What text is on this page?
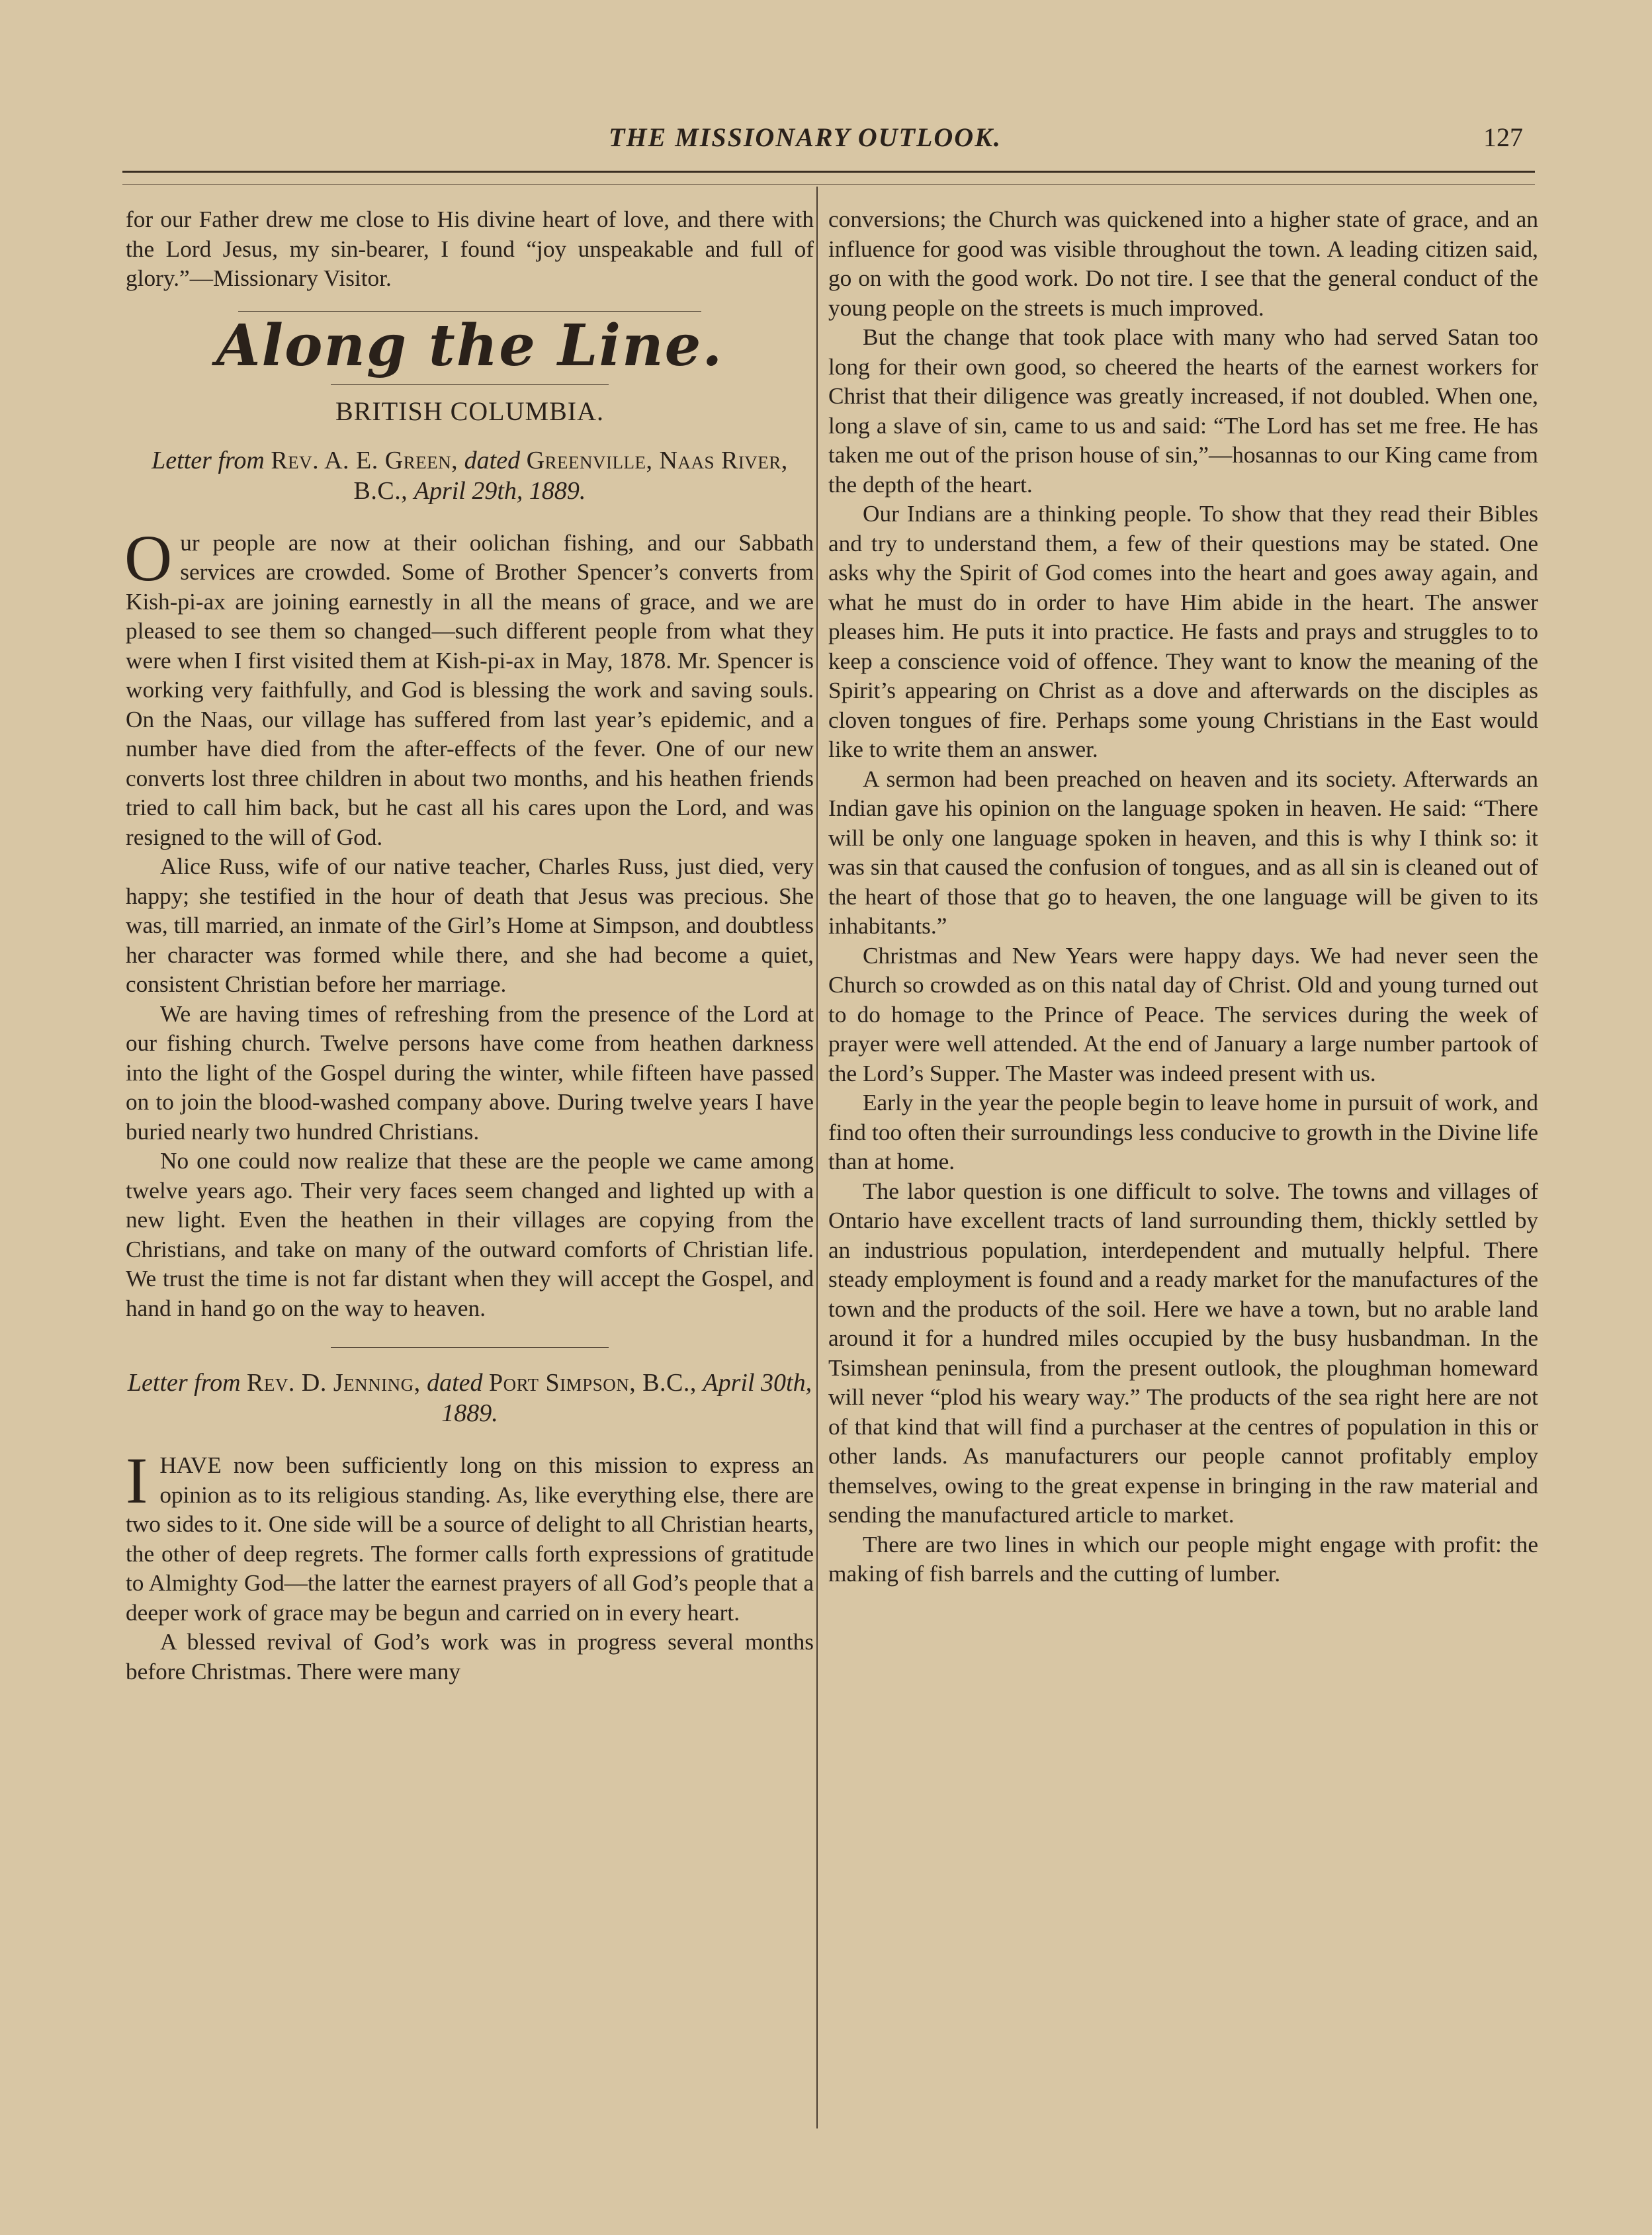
THE MISSIONARY OUTLOOK.	127

for our Father drew me close to His divine heart of love, and there with the Lord Jesus, my sin-bearer, I found “joy unspeakable and full of glory.”—Missionary Visitor.

Along the Line.
BRITISH COLUMBIA.
Letter from Rev. A. E. Green, dated Greenville, Naas River, B.C., April 29th, 1889.

Our people are now at their oolichan fishing, and our Sabbath services are crowded. Some of Brother Spencer’s converts from Kish-pi-ax are joining earnestly in all the means of grace, and we are pleased to see them so changed—such different people from what they were when I first visited them at Kish-pi-ax in May, 1878. Mr. Spencer is working very faithfully, and God is blessing the work and saving souls. On the Naas, our village has suffered from last year’s epidemic, and a number have died from the after-effects of the fever. One of our new converts lost three children in about two months, and his heathen friends tried to call him back, but he cast all his cares upon the Lord, and was resigned to the will of God.

Alice Russ, wife of our native teacher, Charles Russ, just died, very happy; she testified in the hour of death that Jesus was precious. She was, till married, an inmate of the Girl’s Home at Simpson, and doubtless her character was formed while there, and she had become a quiet, consistent Christian before her marriage.

We are having times of refreshing from the presence of the Lord at our fishing church. Twelve persons have come from heathen darkness into the light of the Gospel during the winter, while fifteen have passed on to join the blood-washed company above. During twelve years I have buried nearly two hundred Christians.

No one could now realize that these are the people we came among twelve years ago. Their very faces seem changed and lighted up with a new light. Even the heathen in their villages are copying from the Christians, and take on many of the outward comforts of Christian life. We trust the time is not far distant when they will accept the Gospel, and hand in hand go on the way to heaven.

Letter from Rev. D. Jenning, dated Port Simpson, B.C., April 30th, 1889.

IHAVE now been sufficiently long on this mission to express an opinion as to its religious standing. As, like everything else, there are two sides to it. One side will be a source of delight to all Christian hearts, the other of deep regrets. The former calls forth expressions of gratitude to Almighty God—the latter the earnest prayers of all God’s people that a deeper work of grace may be begun and carried on in every heart.

A blessed revival of God’s work was in progress several months before Christmas. There were many

conversions; the Church was quickened into a higher state of grace, and an influence for good was visible throughout the town. A leading citizen said, go on with the good work. Do not tire. I see that the general conduct of the young people on the streets is much improved.

But the change that took place with many who had served Satan too long for their own good, so cheered the hearts of the earnest workers for Christ that their diligence was greatly increased, if not doubled. When one, long a slave of sin, came to us and said: “The Lord has set me free. He has taken me out of the prison house of sin,”—hosannas to our King came from the depth of the heart.

Our Indians are a thinking people. To show that they read their Bibles and try to understand them, a few of their questions may be stated. One asks why the Spirit of God comes into the heart and goes away again, and what he must do in order to have Him abide in the heart. The answer pleases him. He puts it into practice. He fasts and prays and struggles to to keep a conscience void of offence. They want to know the meaning of the Spirit’s appearing on Christ as a dove and afterwards on the disciples as cloven tongues of fire. Perhaps some young Christians in the East would like to write them an answer.

A sermon had been preached on heaven and its society. Afterwards an Indian gave his opinion on the language spoken in heaven. He said: “There will be only one language spoken in heaven, and this is why I think so: it was sin that caused the confusion of tongues, and as all sin is cleaned out of the heart of those that go to heaven, the one language will be given to its inhabitants.”

Christmas and New Years were happy days. We had never seen the Church so crowded as on this natal day of Christ. Old and young turned out to do homage to the Prince of Peace. The services during the week of prayer were well attended. At the end of January a large number partook of the Lord’s Supper. The Master was indeed present with us.

Early in the year the people begin to leave home in pursuit of work, and find too often their surroundings less conducive to growth in the Divine life than at home.

The labor question is one difficult to solve. The towns and villages of Ontario have excellent tracts of land surrounding them, thickly settled by an industrious population, interdependent and mutually helpful. There steady employment is found and a ready market for the manufactures of the town and the products of the soil. Here we have a town, but no arable land around it for a hundred miles occupied by the busy husbandman. In the Tsimshean peninsula, from the present outlook, the ploughman homeward will never “plod his weary way.” The products of the sea right here are not of that kind that will find a purchaser at the centres of population in this or other lands. As manufacturers our people cannot profitably employ themselves, owing to the great expense in bringing in the raw material and sending the manufactured article to market.

There are two lines in which our people might engage with profit: the making of fish barrels and the cutting of lumber.
